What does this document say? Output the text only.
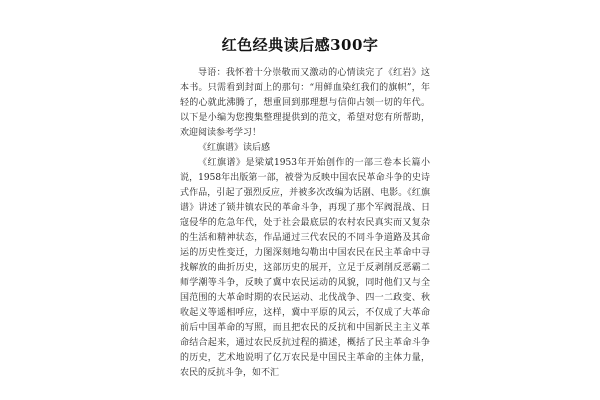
红色经典读后感300字

导语：我怀着十分崇敬而又激动的心情读完了《红岩》这本书。只需看到封面上的那句：“用鲜血染红我们的旗帜”，年轻的心就此沸腾了，想重回到那理想与信仰占领一切的年代。以下是小编为您搜集整理提供到的范文，希望对您有所帮助，欢迎阅读参考学习！

《红旗谱》读后感

《红旗谱》是梁斌1953年开始创作的一部三卷本长篇小说，1958年出版第一部，被誉为反映中国农民革命斗争的史诗式作品，引起了强烈反应，并被多次改编为话剧、电影。《红旗谱》讲述了锁井镇农民的革命斗争，再现了那个军阀混战、日寇侵华的危急年代，处于社会最底层的农村农民真实而又复杂的生活和精神状态，作品通过三代农民的不同斗争道路及其命运的历史性变迁，力图深刻地勾勒出中国农民在民主革命中寻找解放的曲折历史，这部历史的展开，立足于反剥削反恶霸二师学潮等斗争，反映了冀中农民运动的风貌，同时他们又与全国范围的大革命时期的农民运动、北伐战争、四一二政变、秋收起义等遥相呼应，这样，冀中平原的风云，不仅成了大革命前后中国革命的写照，而且把农民的反抗和中国新民主主义革命结合起来，通过农民反抗过程的描述，概括了民主革命斗争的历史，艺术地说明了亿万农民是中国民主革命的主体力量，农民的反抗斗争，如不汇
